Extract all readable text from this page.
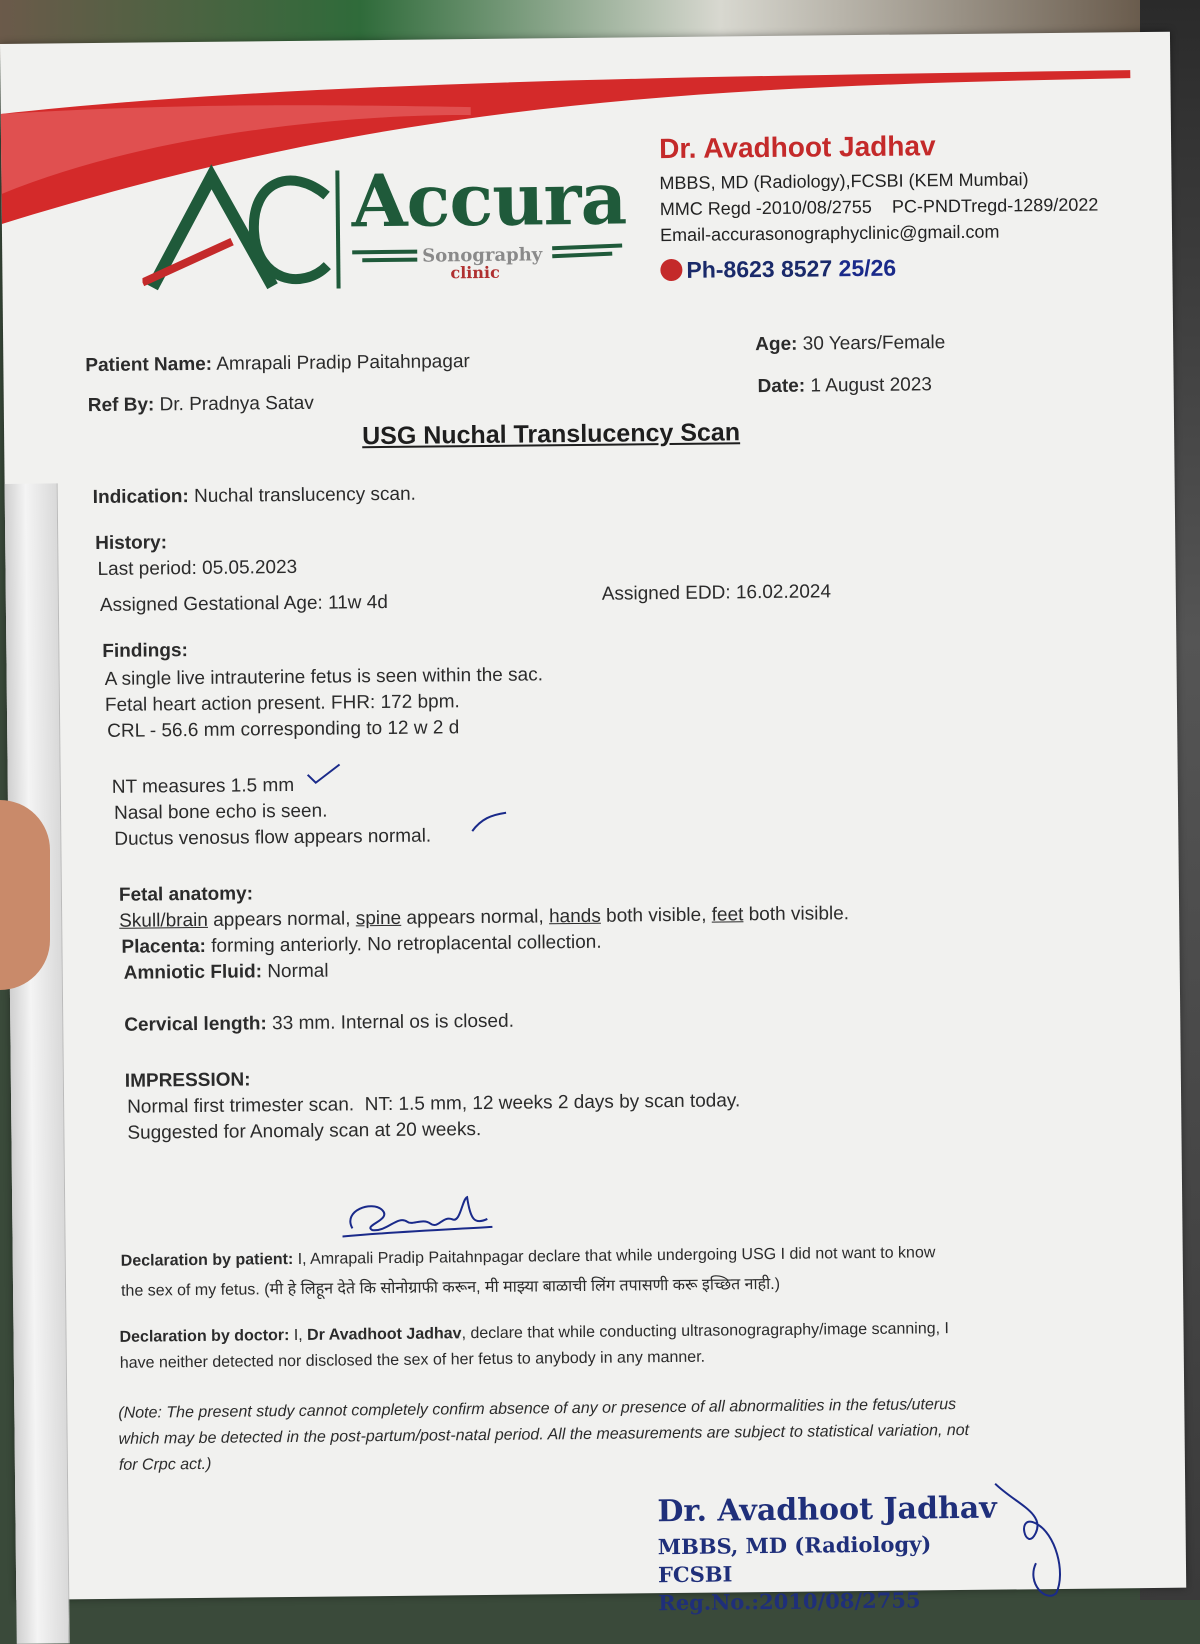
Accura
Sonography
clinic
Dr. Avadhoot Jadhav
MBBS, MD (Radiology),FCSBI (KEM Mumbai)
MMC Regd -2010/08/2755    PC-PNDTregd-1289/2022
Email-accurasonographyclinic@gmail.com
Ph-8623 8527 25/26
Patient Name: Amrapali Pradip Paitahnpagar
Ref By: Dr. Pradnya Satav
Age: 30 Years/Female
Date: 1 August 2023
USG Nuchal Translucency Scan
Indication: Nuchal translucency scan.
History:
Last period: 05.05.2023
Assigned Gestational Age: 11w 4d	Assigned EDD: 16.02.2024
Findings:
A single live intrauterine fetus is seen within the sac.
Fetal heart action present. FHR: 172 bpm.
CRL - 56.6 mm corresponding to 12 w 2 d
NT measures 1.5 mm
Nasal bone echo is seen.
Ductus venosus flow appears normal.
Fetal anatomy:
Skull/brain appears normal, spine appears normal, hands both visible, feet both visible.
Placenta: forming anteriorly. No retroplacental collection.
Amniotic Fluid: Normal
Cervical length: 33 mm. Internal os is closed.
IMPRESSION:
Normal first trimester scan.  NT: 1.5 mm, 12 weeks 2 days by scan today.
Suggested for Anomaly scan at 20 weeks.
Declaration by patient: I, Amrapali Pradip Paitahnpagar declare that while undergoing USG I did not want to know
the sex of my fetus. (मी हे लिहून देते कि सोनोग्राफी करून, मी माझ्या बाळाची लिंग तपासणी करू इच्छित नाही.)
Declaration by doctor: I, Dr Avadhoot Jadhav, declare that while conducting ultrasonogragraphy/image scanning, I
have neither detected nor disclosed the sex of her fetus to anybody in any manner.
(Note: The present study cannot completely confirm absence of any or presence of all abnormalities in the fetus/uterus
which may be detected in the post-partum/post-natal period. All the measurements are subject to statistical variation, not
for Crpc act.)
Dr. Avadhoot Jadhav
MBBS, MD (Radiology)
FCSBI
Reg.No.:2010/08/2755
